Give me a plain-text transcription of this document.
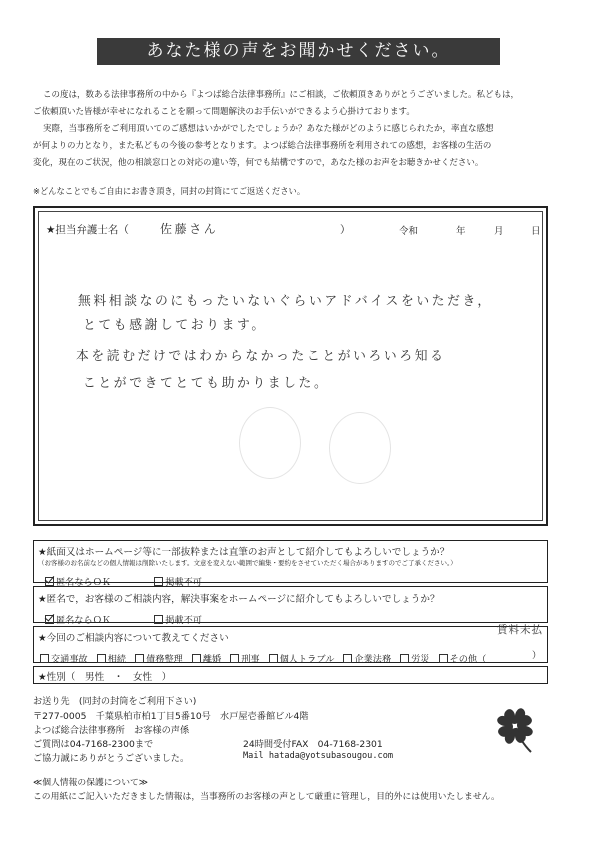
あなた様の声をお聞かせください。
この度は，数ある法律事務所の中から『よつば総合法律事務所』にご相談，ご依頼頂きありがとうございました。私どもは，
ご依頼頂いた皆様が幸せになれることを願って問題解決のお手伝いができるよう心掛けております。
実際，当事務所をご利用頂いてのご感想はいかがでしたでしょうか？あなた様がどのように感じられたか，率直な感想
が何よりの力となり，また私どもの今後の参考となります。よつば総合法律事務所を利用されての感想，お客様の生活の
変化，現在のご状況，他の相談窓口との対応の違い等，何でも結構ですので，あなた様のお声をお聴きかせください。
※どんなことでもご自由にお書き頂き，同封の封筒にてご返送ください。
★担当弁護士名（	佐藤さん	）	令和	年	月	日
無料相談なのにもったいないぐらいアドバイスをいただき，
とても感謝しております。
本を読むだけではわからなかったことがいろいろ知る
ことができてとても助かりました。
★紙面又はホームページ等に一部抜粋または直筆のお声として紹介してもよろしいでしょうか？
（お客様のお名前などの個人情報は削除いたします。文意を変えない範囲で編集・要約をさせていただく場合がありますのでご了承ください。）
匿名ならＯＫ	掲載不可
★匿名で，お客様のご相談内容，解決事案をホームページに紹介してもよろしいでしょうか？
匿名ならＯＫ	掲載不可
★今回のご相談内容について教えてください
賃料未払
交通事故 相続 債務整理 離婚 刑事 個人トラブル 企業法務 労災 その他（	）
★性別（　男性　・　女性　）
お送り先　(同封の封筒をご利用下さい)
〒277-0005　千葉県柏市柏1丁目5番10号　水戸屋壱番館ビル4階
よつば総合法律事務所　お客様の声係
ご質問は04-7168-2300まで	24時間受付FAX　04-7168-2301
ご協力誠にありがとうございました。	Mail hatada@yotsubasougou.com
≪個人情報の保護について≫
この用紙にご記入いただきました情報は，当事務所のお客様の声として厳重に管理し，目的外には使用いたしません。
